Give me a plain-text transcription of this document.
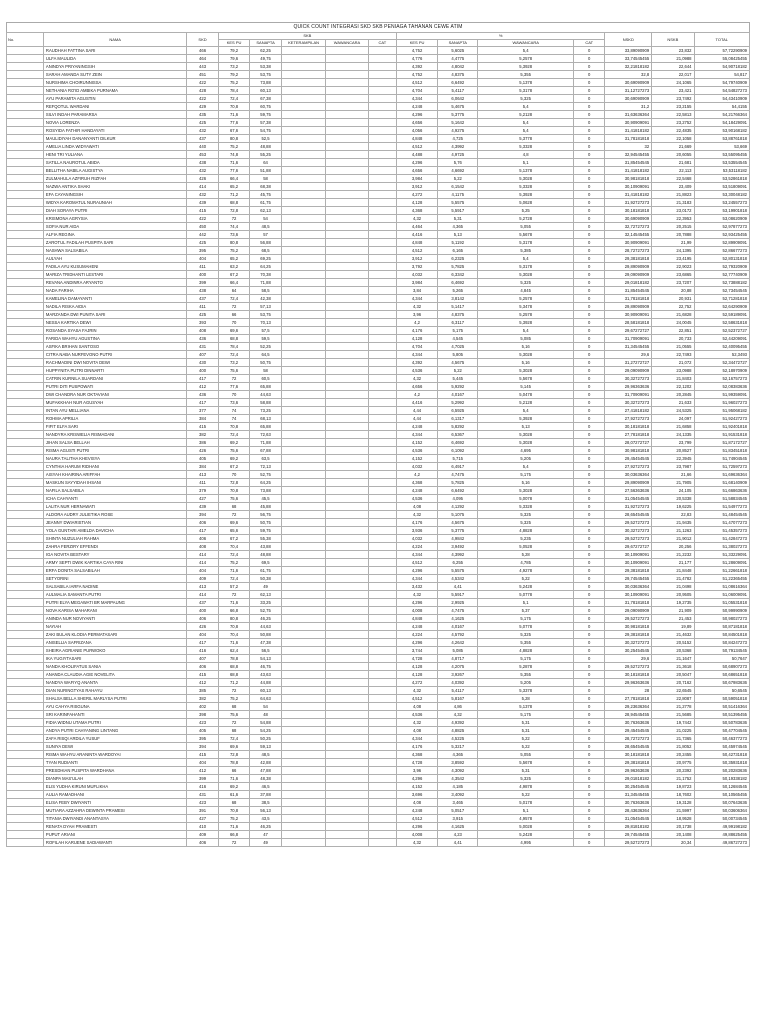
QUICK COUNT INTEGRASI SKD SKB PENIAGA TAHANAN CEWE ATIM
No.	NAMA	SKD	SKB					%				NSKD	NSKB	TOTAL
			KES PU	SANAPTA	KETERAMPILAN	WAWANCARA	CAT	KES PU	SANAPTA	WAWANCARA	CAT			
	RAUDHAH FATTINA SARI	466	79,2	62,25				4,752	5,6025	5,4	0	33,89090909	23,832	57,72290909
	ULFA MAULIDA	464	79,6	49,75				4,776	4,4775	5,2578	0	33,74545455	21,0988	55,08425455
	ANINDYA PRIYANINGSIH	443	73,2	53,38				4,392	4,8042	5,3928	0	32,21818182	22,644	54,90718182
	SARAH AMANDA SUTY ZEIN	451	79,2	53,75				4,752	4,8375	5,355	0	32,8	22,017	54,817
	NURSHIMA CHOIRUNNISSA	422	75,2	73,88				4,512	6,6492	5,1378	0	30,69090909	24,1065	54,79740909
	NETHANIA RO'ID AMBIKA PURNAMA	428	78,4	60,13				4,704	5,4117	5,3178	0	31,12727273	23,421	54,54827273
	AYU PARAMITA AGUSTIN	422	72,4	67,38				4,344	6,0642	5,325	0	30,69090909	23,7492	54,43410909
	REFQOTUL WARDANI	429	70,8	60,75				4,248	5,4675	5,4	0	31,2	23,2155	54,4155
	SILVI INDAH PARAMARSA	435	71,6	59,75				4,296	5,3775	5,2128	0	31,63636364	22,5813	54,21766364
	NOVIA LORENZA	425	77,6	57,38				4,656	5,1642	5,4	0	30,90909091	23,2752	54,18429091
	ROSYIDA FATHIR HANDAYATI	432	67,6	54,75				4,056	4,9275	5,4	0	31,41818182	22,4835	53,90168182
	MAULIDIYAH DANANYANTI DILKUR	437	80,8	52,5				4,848	4,725	5,3778	0	31,78181818	22,1058	53,88761818
	AMELIA LINDA WIDYAWATI	440	75,2	48,88				4,512	4,3992	5,3328	0	32	21,669	53,669
	HENI TRI YULIANA	453	74,8	55,25				4,488	4,9725	4,8	0	32,94545455	20,6055	53,55095455
	SATILLA NAUROTUL ABIDA	438	71,6	64				4,296	5,76	5,1	0	31,85454545	21,681	53,53554545
	BELLITHA NABILA AUGISTYA	432	77,6	51,88				4,656	4,6692	5,1378	0	31,41818182	22,113	53,53118182
	ZULMAHULA AZFIRUH RIZFAH	426	66,4	58				3,984	5,22	5,3028	0	30,98181818	22,5468	53,52861818
	NAZWA ANTIKA SHAKI	414	65,2	68,38				3,912	6,1542	5,3328	0	30,10909091	23,409	53,51809091
	EFA CAYANINGSIH	432	71,2	45,75				4,272	4,1175	5,3928	0	31,41818182	21,8823	53,30048182
	WIDYA KAROMATUL NURAUNIAH	439	68,8	61,75				4,128	5,5575	5,0628	0	31,92727273	21,3183	53,24557273
	DIAH SORAYA PUTRI	415	72,8	62,13				4,368	5,5917	5,25	0	30,18181818	23,0172	53,19901818
	KRISMONA AGRYSIA	422	72	54				4,32	5,31	5,2728	0	30,69090909	22,3953	53,08620909
	SOFIA NUR AIDA	450	74,4	48,5				4,464	4,365	5,055	0	32,72727273	20,2515	52,97877273
	ALFIA REGINA	442	73,6	57				4,416	5,13	5,5678	0	32,14545455	20,7888	52,93425455
	ZAROTUL FADILAH PUSPITA SARI	425	80,8	56,88				4,848	5,1192	5,3178	0	30,90909091	21,99	52,89909091
	NASHWA SALSABILA	395	75,2	68,5				4,512	6,165	5,385	0	28,72727273	24,1395	52,86677273
	AULYAH	404	65,2	69,25				3,912	6,2325	5,4	0	29,38181818	23,4195	52,80131818
	FADILA AYU KUSUMAHENI	411	63,2	64,25				3,792	5,7825	5,3178	0	29,89090909	22,9023	52,79320909
	MARIZA TRIDHANTI LESTARI	400	67,2	70,38				4,032	6,3342	5,3028	0	29,09090909	23,6865	52,77740909
	REVANA ANDINRA ARYANTO	399	66,4	71,88				3,984	6,4692	5,325	0	29,01818182	23,7207	52,73888182
	NADA FARIHA	438	64	58,5				3,84	5,265	4,845	0	31,85454545	20,88	52,73454545
	KAMELINA DAMAYANTI	437	72,4	42,38				4,344	3,8142	5,2578	0	31,78181818	20,931	52,71281818
	NADILA RISKA AIDIA	411	72	57,13				4,32	5,1417	5,3478	0	29,89090909	22,752	52,64290909
	MARZANDA DWI PUNITA SARI	425	66	53,75				3,96	4,8375	5,2578	0	30,90909091	21,6828	52,59189091
	NESSA KARTIKA DEWI	393	70	70,13				4,2	6,3117	5,3928	0	28,58181818	24,0045	52,58631818
	ROSANDA SYASA FAJRIN	408	69,6	57,5				4,176	5,175	5,4	0	29,67272727	22,851	52,52372727
	FARIDA WAHYU AGUSTINA	436	68,8	59,5				4,128	4,545	5,085	0	31,70909091	20,733	52,44209091
	ASFIKA BRIHAN SANTOSO	431	78,4	52,25				4,704	4,7025	5,16	0	31,34545455	21,0555	52,40095455
	CITRA NABA NURFEVONO PUTRI	407	72,4	64,5				4,344	5,805	5,3028	0	29,6	22,7493	52,3493
	RACHMADINI DWI NOVITA DEWI	430	73,2	50,75				4,392	4,5675	5,16	0	31,27272727	21,072	52,34472727
	HUPPYNITA PUTRI DINNARTI	400	75,6	58				4,536	5,22	5,3028	0	29,09090909	23,0988	52,18970909
	CATRIN KURNILA SUARDANI	417	72	60,5				4,32	5,445	5,5678	0	30,32727273	21,8403	52,16757273
	PUTRI DITI PUSPOWATI	412	77,6	65,88				4,656	5,9292	5,145	0	29,96363636	22,1202	52,08383636
	DWI CHANDRA NUR OKTAVIANI	436	70	44,63				4,2	4,0167	5,0478	0	31,70909091	20,2845	51,99359091
	MUFAKKHAH NUR AGUSYAH	417	73,6	58,88				4,416	5,2992	5,2128	0	30,32727273	21,633	51,96027273
	INTAN AYU MELLIANA	377	74	73,25				4,44	6,5925	5,4	0	27,41818182	24,5325	51,95068182
	ROHMA APRILIA	384	74	68,13				4,44	6,1317	5,3928	0	27,92727273	24,097	51,92427273
	FIFIT ELFA SARI	415	70,8	65,88				4,248	5,8292	5,13	0	30,18181818	21,6858	51,92401818
	NANDYRA KRISWELIA RISMADANI	382	72,4	72,63				4,344	6,5367	5,3028	0	27,78181818	24,1335	51,91531818
	JIHAN SALSA BELLAH	386	69,2	71,88				4,152	6,4692	5,3028	0	28,07272727	23,799	51,87172727
	RISMA AGUSTI PUTRI	426	75,6	67,88				4,536	6,1092	4,695	0	30,98181818	20,8527	51,83451818
	NAURA TALITHA KHEVISYA	405	69,2	63,5				4,152	5,715	5,205	0	29,45454545	22,3945	51,74904545
	CYNTHIA HARUM RIDHANI	384	67,2	72,13				4,032	6,4917	5,4	0	27,92727273	23,7987	51,72597273
	AISYAH KHAIRINA ARIFFAH	413	70	52,75				4,2	4,7475	5,175	0	30,03636364	21,66	51,69636364
	MASKUN SAYYIDAH IHSANI	411	72,8	64,25				4,368	5,7825	5,16	0	29,89090909	21,7905	51,68140909
	NAFILA SALSABILA	379	70,8	73,88				4,248	6,6492	5,3028	0	27,56363636	24,105	51,66863636
	ICHA CAHYANTI	427	75,6	45,5				4,536	4,095	5,0078	0	31,05454545	20,5338	51,58834545
	LALITA NUR HERNAWATI	439	68	45,88				4,08	4,1292	5,3328	0	31,92727273	19,6225	51,54977273
	ALDORA AUDRY JULIETIKA ROSE	394	72	56,75				4,32	5,1075	5,325	0	28,65454545	22,83	51,48454545
	JEANNY DWIARISTIAN	406	69,6	50,75				4,176	4,5675	5,325	0	29,52727273	21,9435	51,47077273
	YOLA GUNTARI AMELDA DAVICHA	417	65,6	59,75				3,936	5,3775	4,8828	0	30,32727273	21,1263	51,45357273
	SHINTA NUZULIAH RAHMA	406	67,2	55,38				4,032	4,9842	5,235	0	29,52727273	21,9012	51,42847273
	ZAHRA FERZIRY EFFENDI	408	70,4	43,88				4,224	3,9492	5,0528	0	29,67272727	20,256	51,38027273
	IGA NOVITA BESTARY	414	72,4	48,88				4,344	4,3992	5,28	0	30,10909091	21,2232	51,33229091
	ARMY SEPTI DWIK KARTIKA CAYA RINI	414	75,2	69,5				4,512	6,255	4,785	0	30,10909091	21,177	51,28609091
	ERFA DONITA SALSABILAH	404	71,6	61,75				4,296	5,5575	4,9278	0	29,38181818	21,8448	51,22661818
	SETYORINI	409	72,4	50,38				4,344	4,5342	5,22	0	29,74545455	21,4782	51,22365455
	SALSABILA IARFA NADINE	413	57,2	49				3,432	4,41	5,2428	0	30,03636364	21,0498	51,08616364
	AULMALIA SAMANTA PUTRI	414	72	62,13				4,32	5,5917	5,0778	0	30,10909091	20,9505	51,06009091
	PUTRI ELYA MEGAWATI BR MARPAUNG	437	71,6	33,25				4,296	2,9925	5,1	0	31,78181818	19,2735	51,05531818
	NOVA KARISA MAHARANI	400	66,8	52,75				4,008	4,7475	5,37	0	29,09090909	21,909	50,99990909
	ANINDA NUR NOVIYANTI	406	80,8	46,25				4,848	4,1625	5,175	0	29,52727273	21,453	50,98027273
	NAYIAH	426	70,8	44,63				4,248	4,0167	5,0778	0	30,98181818	19,89	50,87181818
	ZAKI BULAN KLODIA PERMATASARI	404	70,4	50,88				4,224	4,5792	5,325	0	29,38181818	21,4632	50,84501818
	ANISELLIA SAFRIZANA	417	71,6	47,38				4,296	4,2642	5,355	0	30,32727273	20,5152	50,84247273
	SHEIRA AGRIANIE PURWOKO	416	62,4	56,5				3,744	5,085	4,8828	0	30,25454545	20,5368	50,79134545
	IKA YUGIYTASARI	407	78,8	54,13				4,728	4,8717	5,175	0	29,6	21,1647	50,7647
	NANDA KHOLIFATUS SANIA	406	68,8	46,75				4,128	4,2075	5,2878	0	29,52727273	21,3618	50,68907273
	ANANDA CLAUDIA AGIE NOVELITA	415	68,8	43,63				4,128	3,9267	5,355	0	30,18181818	20,5047	50,68651818
	NANDYA WAFIYQ ANANTA	412	71,2	44,88				4,272	4,0392	5,205	0	29,96363636	20,7162	50,67983636
	DIAN NURINGTYAS RAHAYU	385	72	60,13				4,32	5,4117	5,3378	0	28	22,6545	50,6545
	SHALSA BELLA SHERIL MARLYSA PUTRI	382	75,2	64,63				4,512	5,8167	5,28	0	27,78181818	22,8087	50,59051818
	AYU CAHYA RISGUNA	402	68	54				4,08	4,86	5,1378	0	29,23636364	21,2778	50,51416364
	SRI KARINFAHANTI	398	75,6	48				4,536	4,32	5,175	0	28,94545455	21,5685	50,51395455
	FIDIA WIDNU UTAMA PUTRI	423	72	54,88				4,32	4,9392	5,31	0	30,76363636	19,7442	50,50783636
	ANDYA PUTRI CAHYANING LINTANG	405	68	54,25				4,08	4,8825	5,31	0	29,45454545	21,0225	50,47704545
	ZAFA RISQI ARDILA YUSUF	395	72,4	50,25				4,344	4,5225	5,22	0	28,72727273	21,7365	50,46377273
	SUNIYA DEWI	394	69,6	59,13				4,176	5,3217	5,22	0	28,65454545	21,8052	50,45974545
	RISMA WAHYU ARANINTA WARDOYAI	415	72,8	48,5				4,368	4,365	5,055	0	30,18181818	20,2455	50,42731818
	TYAN RUDIANTI	404	78,8	42,88				4,728	3,8592	5,5678	0	29,38181818	20,9775	50,35931818
	PRESDHIAN PUSPITA WARDHANA	412	66	47,88				3,96	4,3092	5,31	0	29,96363636	20,2392	50,20283636
	DIANPA MAS'ULAH	399	71,6	48,38				4,296	4,3542	5,325	0	29,01818182	21,1752	50,19338182
	ELIS YUDHA KIRUNI MUFLIKHA	416	69,2	46,5				4,152	4,185	4,9878	0	30,25454545	19,8723	50,12684545
	AULIA RAMADHANI	431	61,6	37,88				3,696	3,4092	5,22	0	31,34545455	18,7602	50,10565455
	ELISA FEBY DWIYANTI	423	68	38,5				4,08	3,465	5,0178	0	30,76363636	19,3128	50,07643636
	MUTIARA AZZAHRA DEWINTA PRAMESI	391	70,8	56,13				4,248	5,0517	5,1	0	28,43636364	21,5997	50,03606364
	TITANIA DWIYANDI ANANTASYA	427	75,2	43,5				4,512	3,915	4,9578	0	31,05454545	18,9528	50,00734545
	RENATA DYAH PRAMESTI	410	71,6	46,25				4,296	4,1625	5,0028	0	29,81818182	20,1738	49,99198182
	PUPUT ARIANI	409	66,8	47				4,008	4,23	5,2428	0	29,74545455	20,1408	49,88625455
	ROFILAH KARUENE SADIAWANTI	406	72	49				4,32	4,41	4,995	0	29,52727273	20,34	49,86727273
